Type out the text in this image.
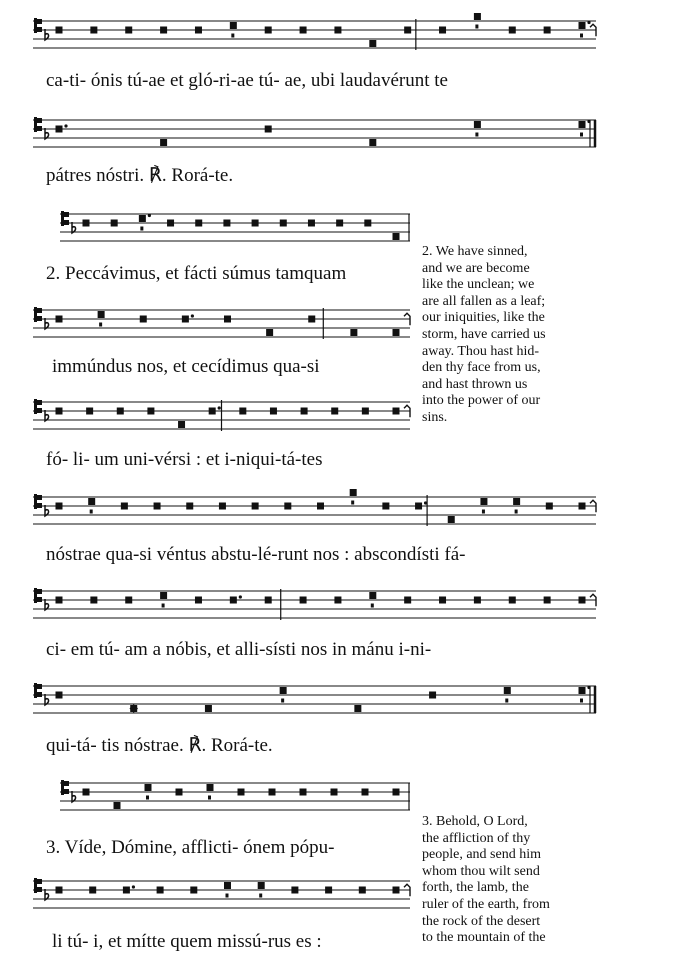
ca-ti- ónis tú-ae et gló-ri-ae tú- ae, ubi laudavérunt te
pátres nóstri. ℟. Rorá-te.
2. Peccávimus, et fácti súmus tamquam
immúndus nos, et cecídimus qua-si
fó- li- um uni-vérsi : et i-niqui-tá-tes
nóstrae qua-si véntus abstu-lé-runt nos : abscondísti fá-
ci- em tú- am a nóbis, et alli-sísti nos in mánu i-ni-
qui-tá- tis nóstrae. ℟. Rorá-te.
3. Víde, Dómine, afflicti- ónem pópu-
li tú- i, et mítte quem missú-rus es :
2. We have sinned,
and we are become
like the unclean; we
are all fallen as a leaf;
our iniquities, like the
storm, have carried us
away. Thou hast hid-
den thy face from us,
and hast thrown us
into the power of our
sins.
3. Behold, O Lord,
the affliction of thy
people, and send him
whom thou wilt send
forth, the lamb, the
ruler of the earth, from
the rock of the desert
to the mountain of the
